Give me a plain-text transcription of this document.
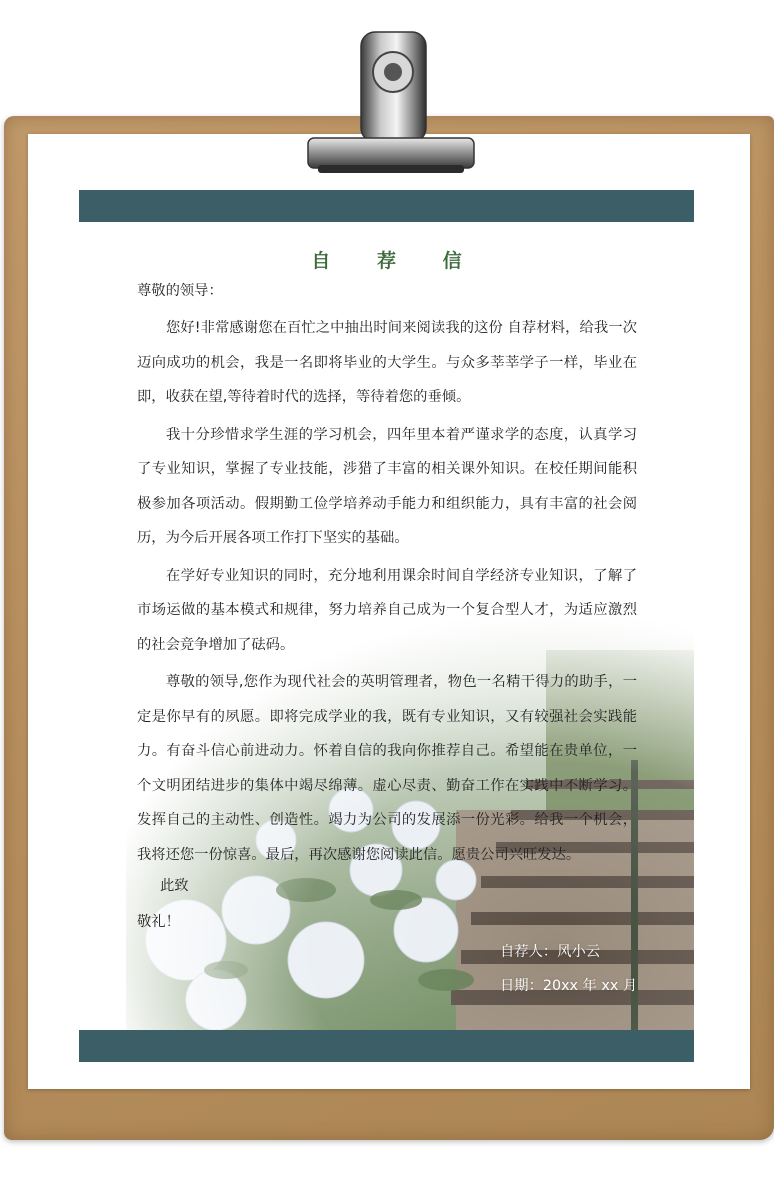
自 荐 信
尊敬的领导：

您好!非常感谢您在百忙之中抽出时间来阅读我的这份 自荐材料，给我一次迈向成功的机会，我是一名即将毕业的大学生。与众多莘莘学子一样，毕业在即，收获在望,等待着时代的选择，等待着您的垂倾。

我十分珍惜求学生涯的学习机会，四年里本着严谨求学的态度，认真学习了专业知识，掌握了专业技能，涉猎了丰富的相关课外知识。在校任期间能积极参加各项活动。假期勤工俭学培养动手能力和组织能力，具有丰富的社会阅历，为今后开展各项工作打下坚实的基础。

在学好专业知识的同时，充分地利用课余时间自学经济专业知识，了解了市场运做的基本模式和规律，努力培养自己成为一个复合型人才，为适应激烈的社会竞争增加了砝码。

尊敬的领导,您作为现代社会的英明管理者，物色一名精干得力的助手，一定是你早有的夙愿。即将完成学业的我，既有专业知识，又有较强社会实践能力。有奋斗信心前进动力。怀着自信的我向你推荐自己。希望能在贵单位，一个文明团结进步的集体中竭尽绵薄。虚心尽责、勤奋工作在实践中不断学习。发挥自己的主动性、创造性。竭力为公司的发展添一份光彩。给我一个机会，我将还您一份惊喜。最后，再次感谢您阅读此信。愿贵公司兴旺发达。

此致
敬礼！
自荐人：风小云
日期：20xx 年 xx 月
